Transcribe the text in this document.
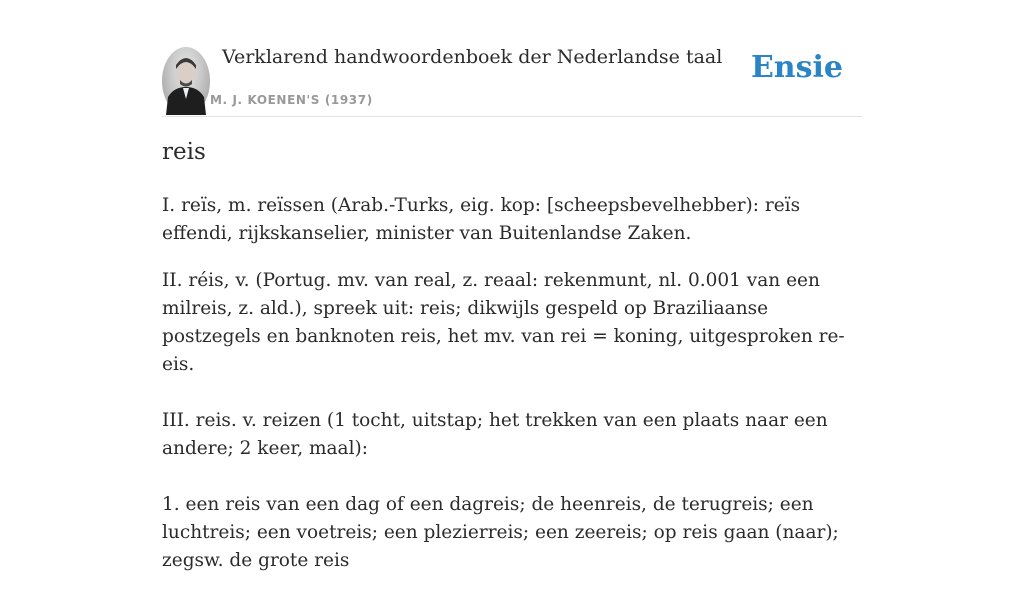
Verklarend handwoordenboek der Nederlandse taal
M. J. KOENEN'S (1937)
Ensie
reis

I. reïs, m. reïssen (Arab.-Turks, eig. kop: [scheepsbevelhebber): reïs effendi, rijkskanselier, minister van Buitenlandse Zaken.

II. réis, v. (Portug. mv. van real, z. reaal: rekenmunt, nl. 0.001 van een milreis, z. ald.), spreek uit: reis; dikwijls gespeld op Braziliaanse postzegels en banknoten reis, het mv. van rei = koning, uitgesproken re-eis.

III. reis. v. reizen (1 tocht, uitstap; het trekken van een plaats naar een andere; 2 keer, maal):

1. een reis van een dag of een dagreis; de heenreis, de terugreis; een luchtreis; een voetreis; een plezierreis; een zeereis; op reis gaan (naar); zegsw. de grote reis
